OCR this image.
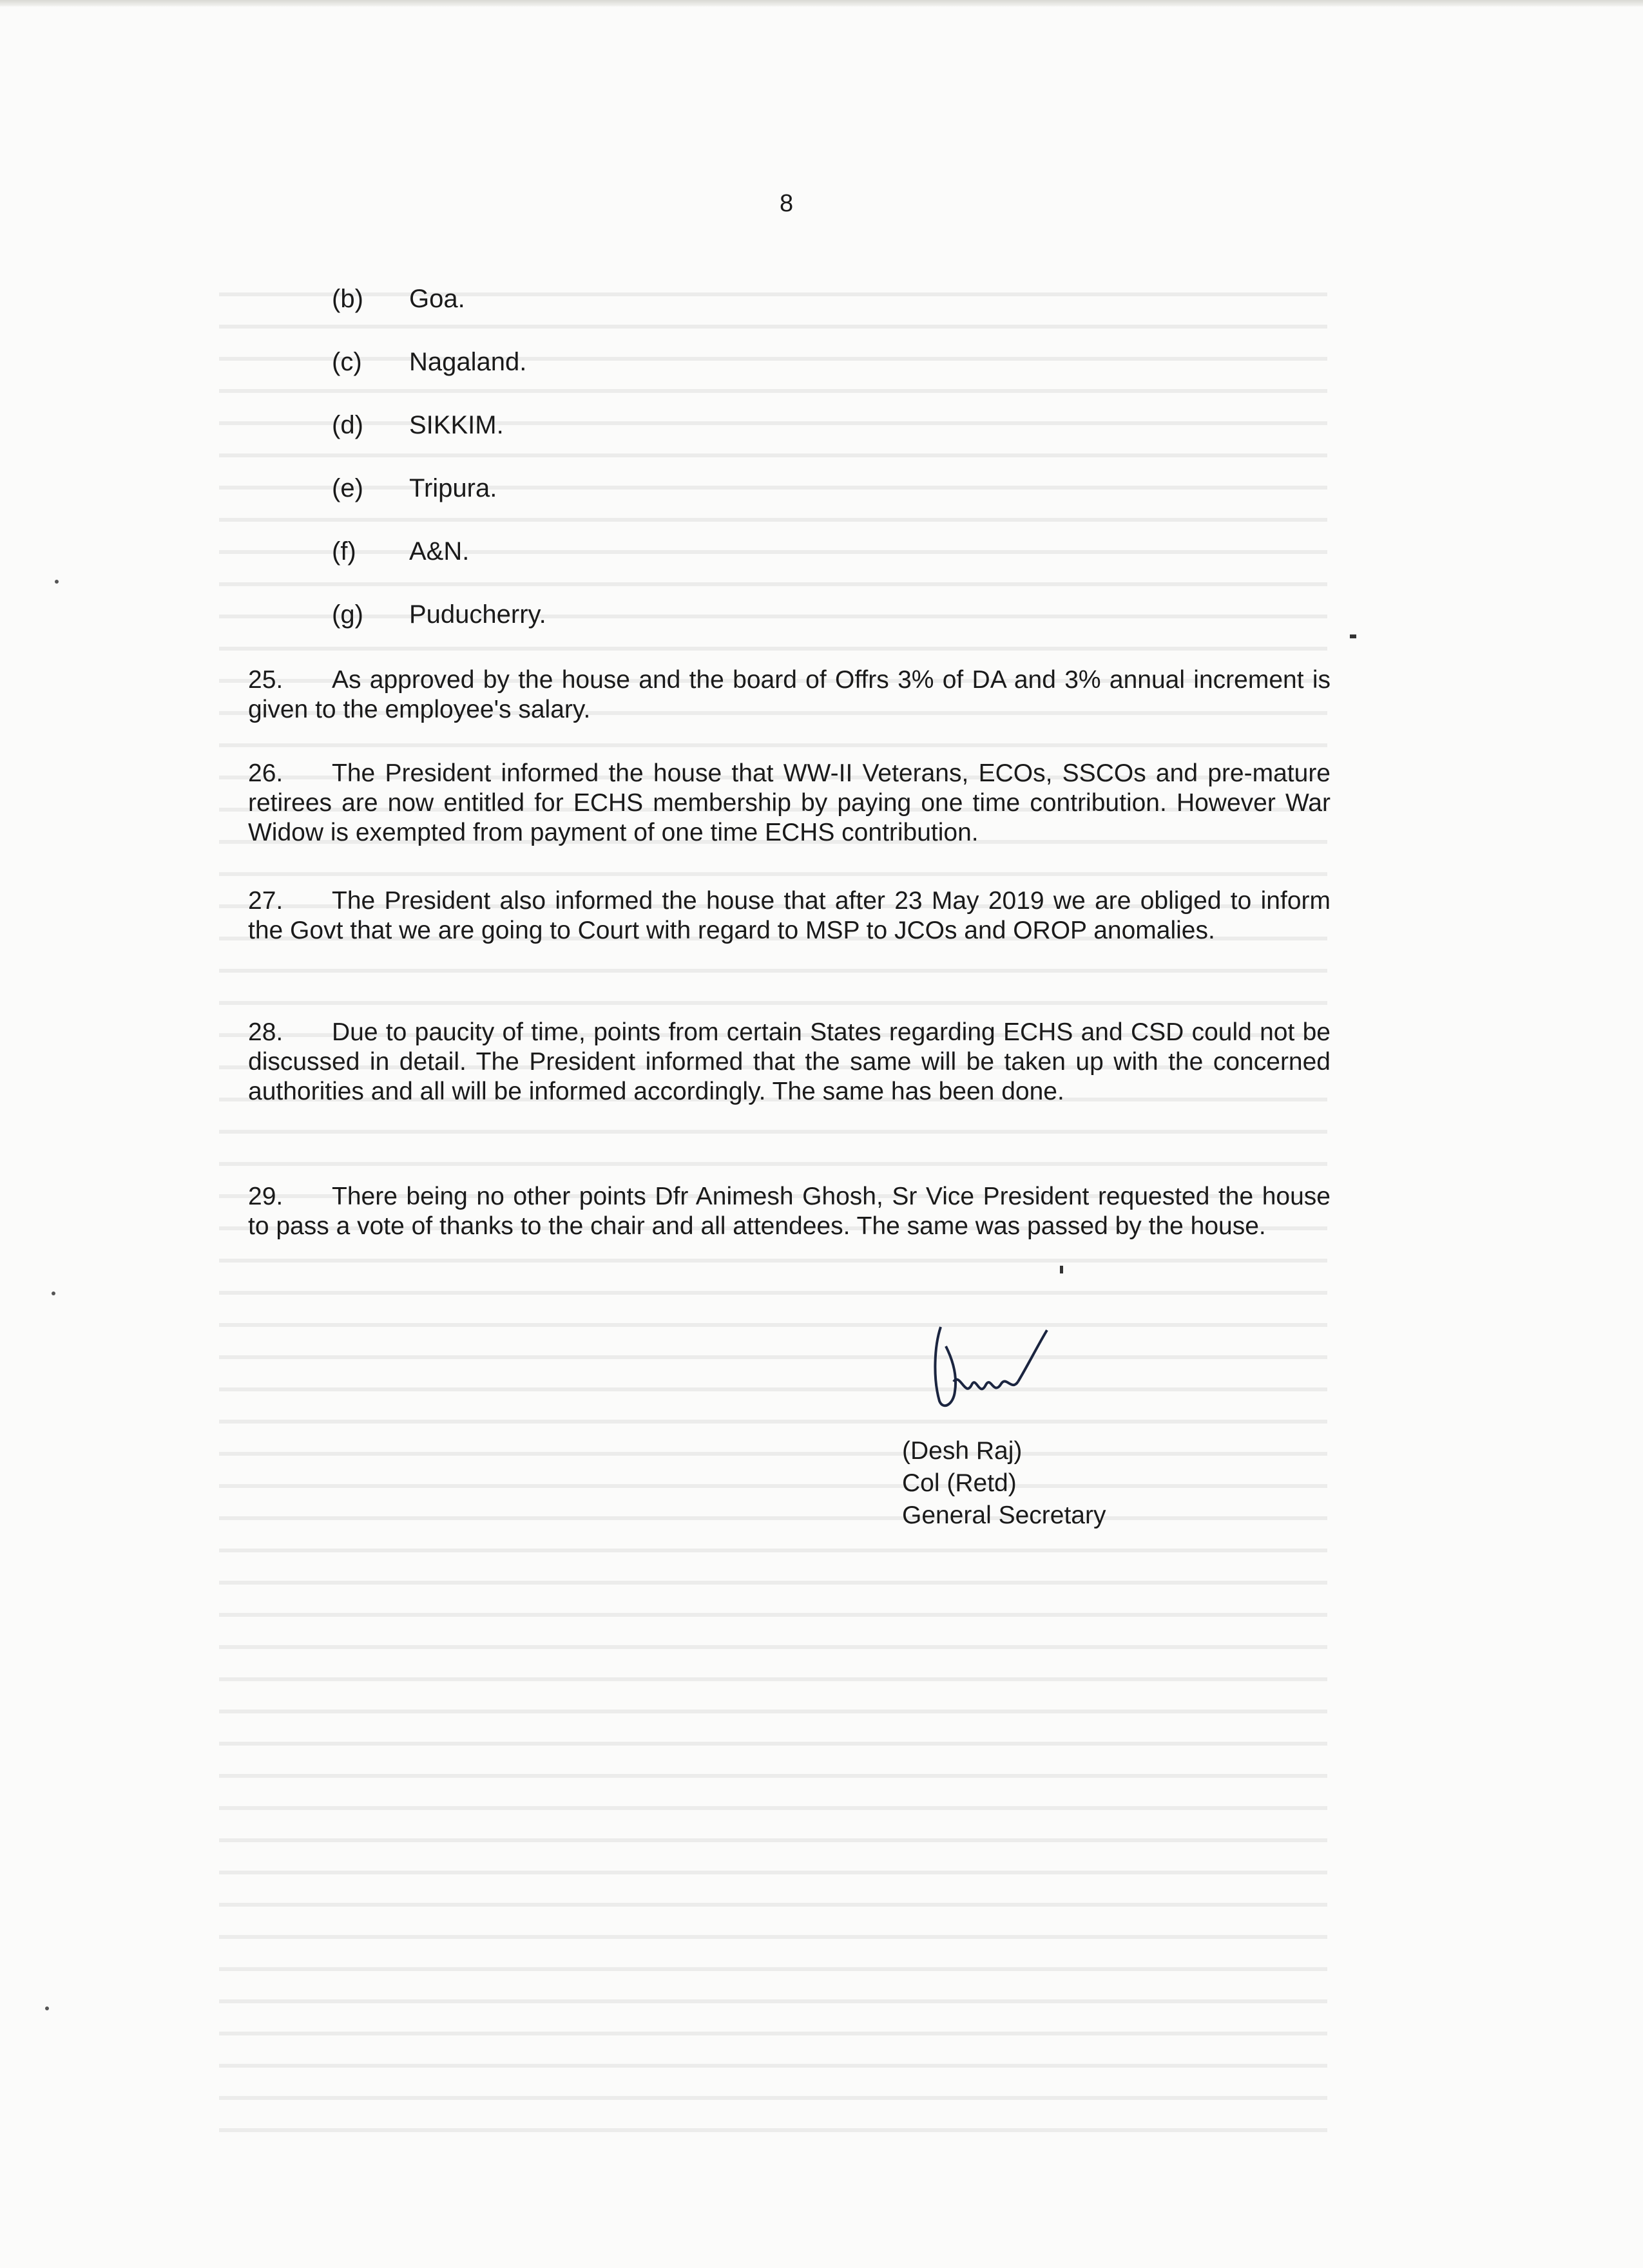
8
(b) Goa.
(c) Nagaland.
(d) SIKKIM.
(e) Tripura.
(f) A&N.
(g) Puducherry.
25. As approved by the house and the board of Offrs 3% of DA and 3% annual increment is given to the employee's salary.
26. The President informed the house that WW-II Veterans, ECOs, SSCOs and pre-mature retirees are now entitled for ECHS membership by paying one time contribution. However War Widow is exempted from payment of one time ECHS contribution.
27. The President also informed the house that after 23 May 2019 we are obliged to inform the Govt that we are going to Court with regard to MSP to JCOs and OROP anomalies.
28. Due to paucity of time, points from certain States regarding ECHS and CSD could not be discussed in detail. The President informed that the same will be taken up with the concerned authorities and all will be informed accordingly. The same has been done.
29. There being no other points Dfr Animesh Ghosh, Sr Vice President requested the house to pass a vote of thanks to the chair and all attendees. The same was passed by the house.
(Desh Raj)
Col (Retd)
General Secretary
